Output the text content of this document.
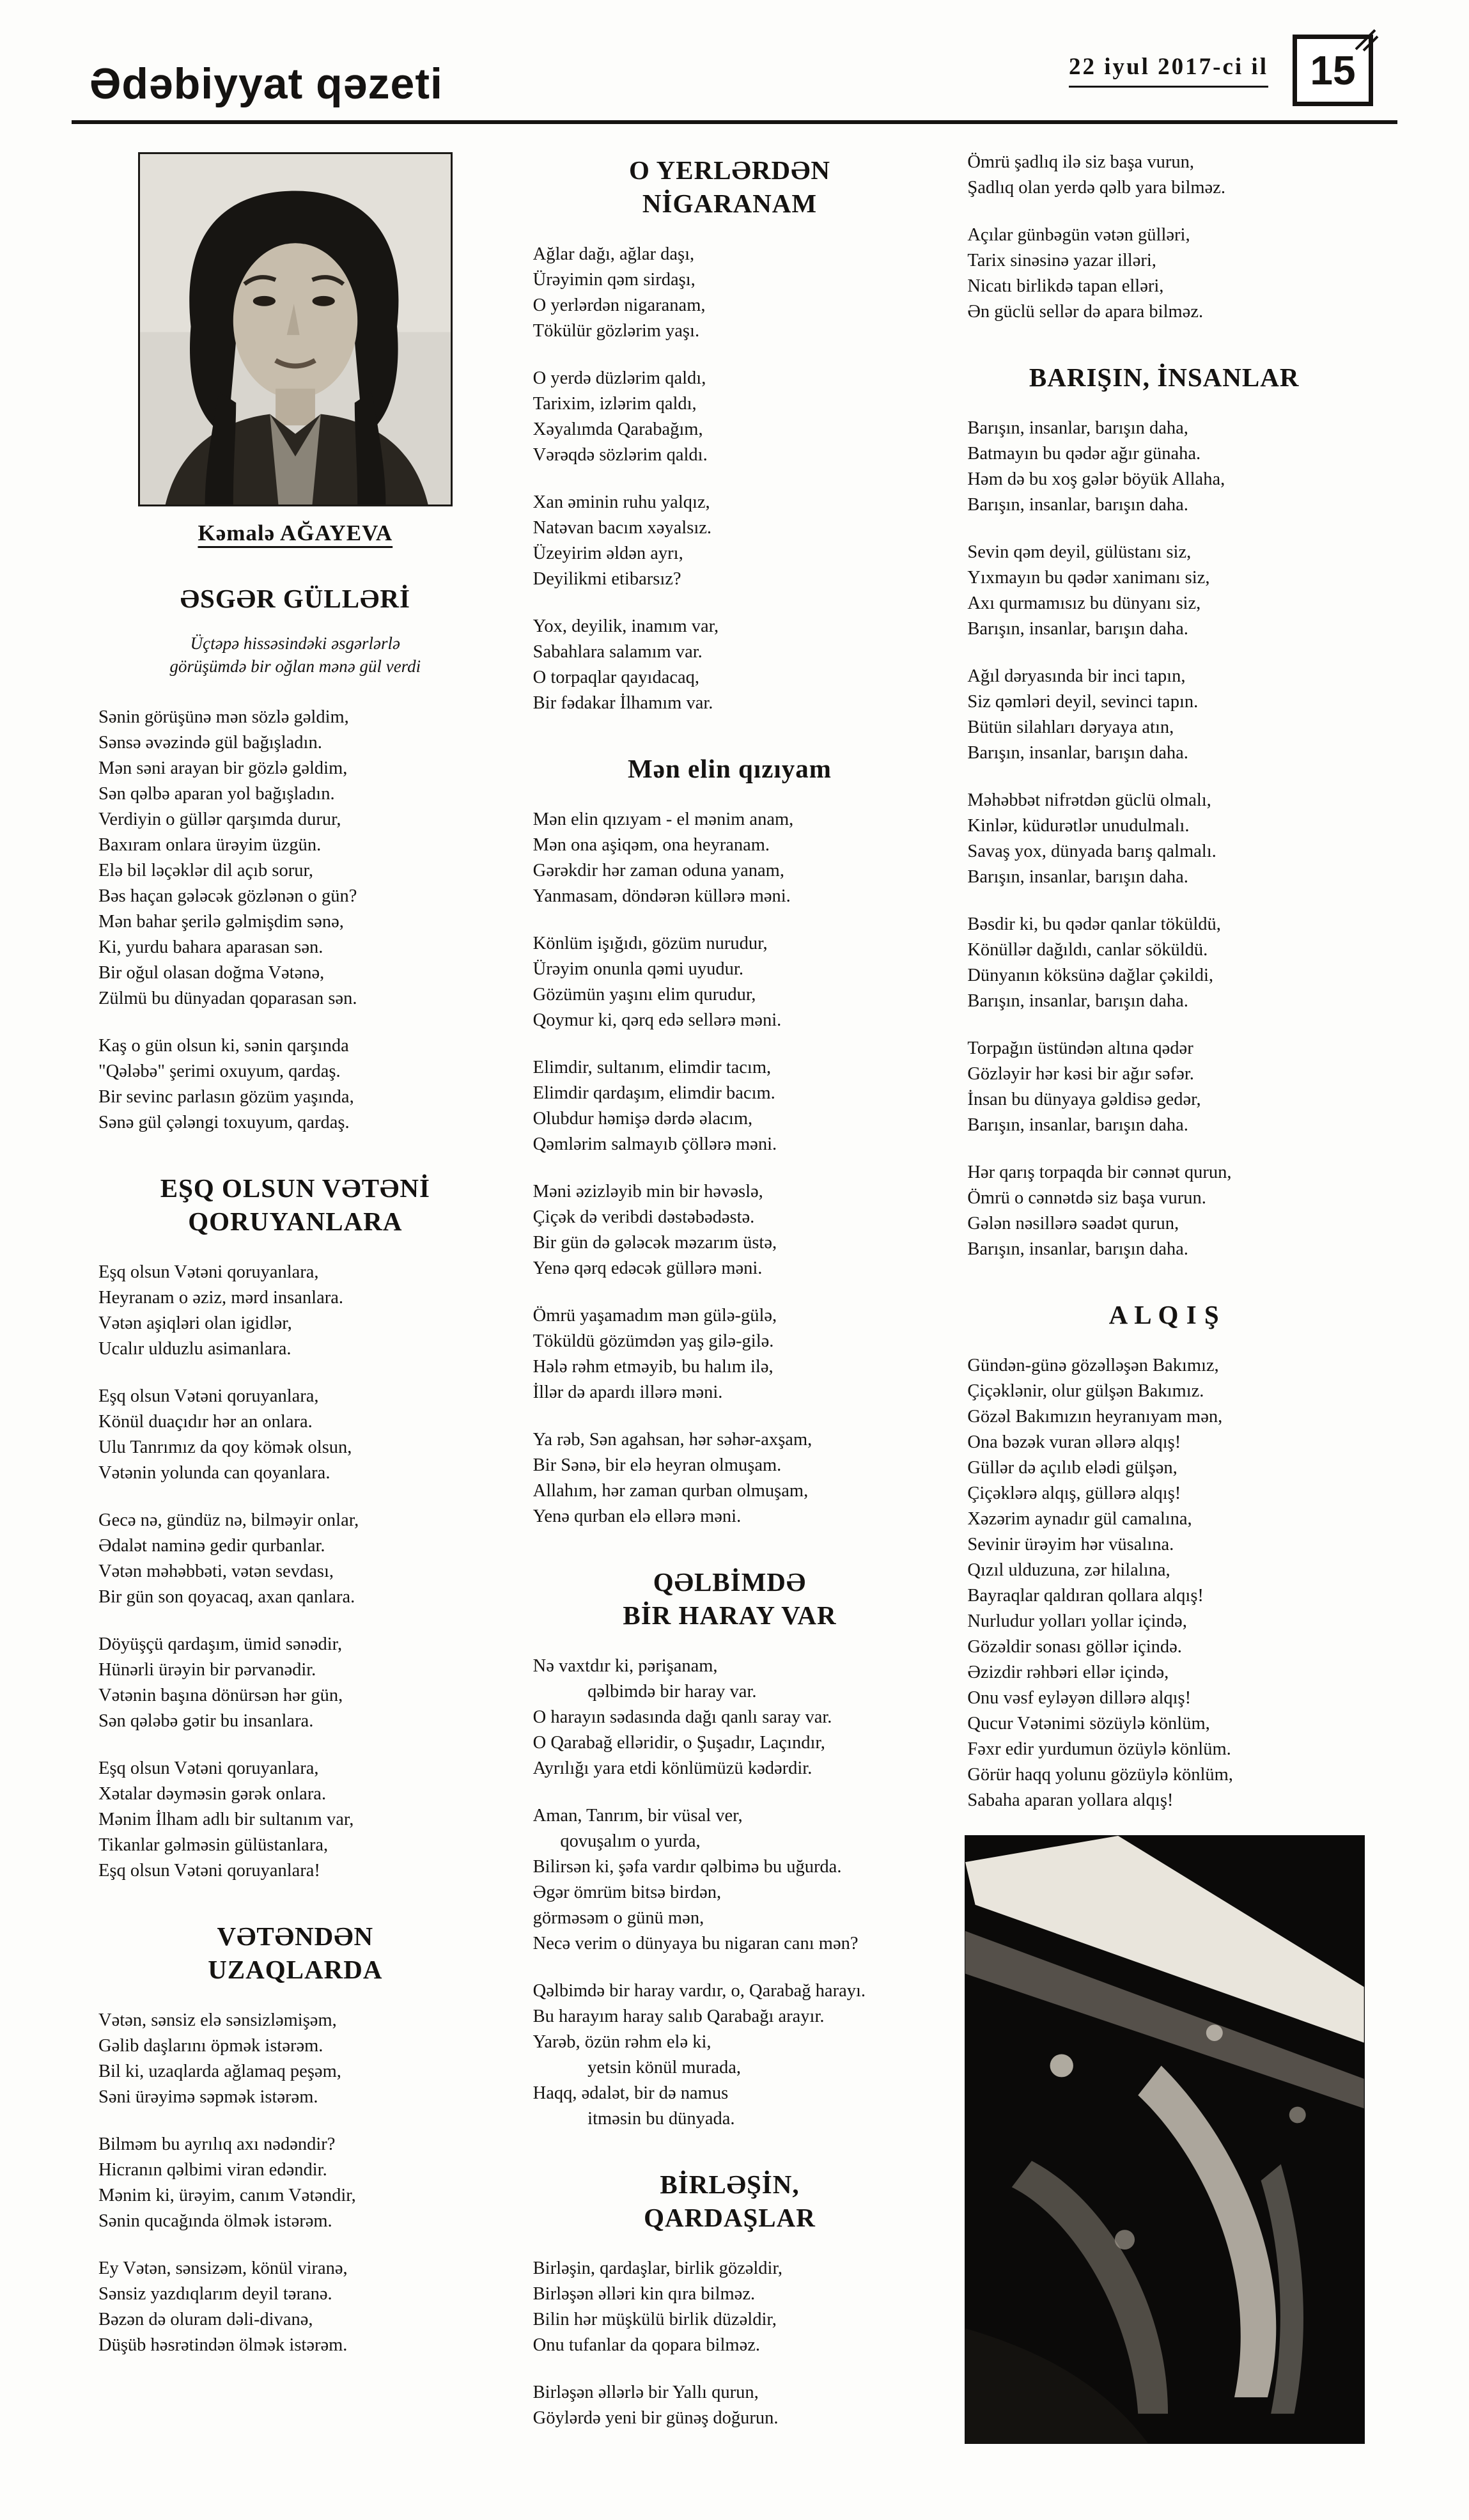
Ədəbiyyat qəzeti	22 iyul 2017-ci il 15
Kəmalə AĞAYEVA
ƏSGƏR GÜLLƏRİ
Üçtəpə hissəsindəki əsgərlərlə
görüşümdə bir oğlan mənə gül verdi
Sənin görüşünə mən sözlə gəldim,
Sənsə əvəzində gül bağışladın.
Mən səni arayan bir gözlə gəldim,
Sən qəlbə aparan yol bağışladın.
Verdiyin o güllər qarşımda durur,
Baxıram onlara ürəyim üzgün.
Elə bil ləçəklər dil açıb sorur,
Bəs haçan gələcək gözlənən o gün?
Mən bahar şerilə gəlmişdim sənə,
Ki, yurdu bahara aparasan sən.
Bir oğul olasan doğma Vətənə,
Zülmü bu dünyadan qoparasan sən.
Kaş o gün olsun ki, sənin qarşında
"Qələbə" şerimi oxuyum, qardaş.
Bir sevinc parlasın gözüm yaşında,
Sənə gül çələngi toxuyum, qardaş.
EŞQ OLSUN VƏTƏNİ
QORUYANLARA
Eşq olsun Vətəni qoruyanlara,
Heyranam o əziz, mərd insanlara.
Vətən aşiqləri olan igidlər,
Ucalır ulduzlu asimanlara.
Eşq olsun Vətəni qoruyanlara,
Könül duaçıdır hər an onlara.
Ulu Tanrımız da qoy kömək olsun,
Vətənin yolunda can qoyanlara.
Gecə nə, gündüz nə, bilməyir onlar,
Ədalət naminə gedir qurbanlar.
Vətən məhəbbəti, vətən sevdası,
Bir gün son qoyacaq, axan qanlara.
Döyüşçü qardaşım, ümid sənədir,
Hünərli ürəyin bir pərvanədir.
Vətənin başına dönürsən hər gün,
Sən qələbə gətir bu insanlara.
Eşq olsun Vətəni qoruyanlara,
Xətalar dəyməsin gərək onlara.
Mənim İlham adlı bir sultanım var,
Tikanlar gəlməsin gülüstanlara,
Eşq olsun Vətəni qoruyanlara!
VƏTƏNDƏN
UZAQLARDA
Vətən, sənsiz elə sənsizləmişəm,
Gəlib daşlarını öpmək istərəm.
Bil ki, uzaqlarda ağlamaq peşəm,
Səni ürəyimə səpmək istərəm.
Bilməm bu ayrılıq axı nədəndir?
Hicranın qəlbimi viran edəndir.
Mənim ki, ürəyim, canım Vətəndir,
Sənin qucağında ölmək istərəm.
Ey Vətən, sənsizəm, könül viranə,
Sənsiz yazdıqlarım deyil təranə.
Bəzən də oluram dəli-divanə,
Düşüb həsrətindən ölmək istərəm.
O YERLƏRDƏN
NİGARANAM
Ağlar dağı, ağlar daşı,
Ürəyimin qəm sirdaşı,
O yerlərdən nigaranam,
Tökülür gözlərim yaşı.
O yerdə düzlərim qaldı,
Tarixim, izlərim qaldı,
Xəyalımda Qarabağım,
Vərəqdə sözlərim qaldı.
Xan əminin ruhu yalqız,
Natəvan bacım xəyalsız.
Üzeyirim əldən ayrı,
Deyilikmi etibarsız?
Yox, deyilik, inamım var,
Sabahlara salamım var.
O torpaqlar qayıdacaq,
Bir fədakar İlhamım var.
Mən elin qızıyam
Mən elin qızıyam - el mənim anam,
Mən ona aşiqəm, ona heyranam.
Gərəkdir hər zaman oduna yanam,
Yanmasam, döndərən küllərə məni.
Könlüm işığıdı, gözüm nurudur,
Ürəyim onunla qəmi uyudur.
Gözümün yaşını elim qurudur,
Qoymur ki, qərq edə sellərə məni.
Elimdir, sultanım, elimdir tacım,
Elimdir qardaşım, elimdir bacım.
Olubdur həmişə dərdə əlacım,
Qəmlərim salmayıb çöllərə məni.
Məni əzizləyib min bir həvəslə,
Çiçək də veribdi dəstəbədəstə.
Bir gün də gələcək məzarım üstə,
Yenə qərq edəcək güllərə məni.
Ömrü yaşamadım mən gülə-gülə,
Töküldü gözümdən yaş gilə-gilə.
Hələ rəhm etməyib, bu halım ilə,
İllər də apardı illərə məni.
Ya rəb, Sən agahsan, hər səhər-axşam,
Bir Sənə, bir elə heyran olmuşam.
Allahım, hər zaman qurban olmuşam,
Yenə qurban elə ellərə məni.
QƏLBİMDƏ
BİR HARAY VAR
Nə vaxtdır ki, pərişanam,
qəlbimdə bir haray var.
O harayın sədasında dağı qanlı saray var.
O Qarabağ elləridir, o Şuşadır, Laçındır,
Ayrılığı yara etdi könlümüzü kədərdir.
Aman, Tanrım, bir vüsal ver,
qovuşalım o yurda,
Bilirsən ki, şəfa vardır qəlbimə bu uğurda.
Əgər ömrüm bitsə birdən,
görməsəm o günü mən,
Necə verim o dünyaya bu nigaran canı mən?
Qəlbimdə bir haray vardır, o, Qarabağ harayı.
Bu harayım haray salıb Qarabağı arayır.
Yarəb, özün rəhm elə ki,
yetsin könül murada,
Haqq, ədalət, bir də namus
itməsin bu dünyada.
BİRLƏŞİN,
QARDAŞLAR
Birləşin, qardaşlar, birlik gözəldir,
Birləşən əlləri kin qıra bilməz.
Bilin hər müşkülü birlik düzəldir,
Onu tufanlar da qopara bilməz.
Birləşən əllərlə bir Yallı qurun,
Göylərdə yeni bir günəş doğurun.
Ömrü şadlıq ilə siz başa vurun,
Şadlıq olan yerdə qəlb yara bilməz.
Açılar günbəgün vətən gülləri,
Tarix sinəsinə yazar illəri,
Nicatı birlikdə tapan elləri,
Ən güclü sellər də apara bilməz.
BARIŞIN, İNSANLAR
Barışın, insanlar, barışın daha,
Batmayın bu qədər ağır günaha.
Həm də bu xoş gələr böyük Allaha,
Barışın, insanlar, barışın daha.
Sevin qəm deyil, gülüstanı siz,
Yıxmayın bu qədər xanimanı siz,
Axı qurmamısız bu dünyanı siz,
Barışın, insanlar, barışın daha.
Ağıl dəryasında bir inci tapın,
Siz qəmləri deyil, sevinci tapın.
Bütün silahları dəryaya atın,
Barışın, insanlar, barışın daha.
Məhəbbət nifrətdən güclü olmalı,
Kinlər, küdurətlər unudulmalı.
Savaş yox, dünyada barış qalmalı.
Barışın, insanlar, barışın daha.
Bəsdir ki, bu qədər qanlar töküldü,
Könüllər dağıldı, canlar söküldü.
Dünyanın köksünə dağlar çəkildi,
Barışın, insanlar, barışın daha.
Torpağın üstündən altına qədər
Gözləyir hər kəsi bir ağır səfər.
İnsan bu dünyaya gəldisə gedər,
Barışın, insanlar, barışın daha.
Hər qarış torpaqda bir cənnət qurun,
Ömrü o cənnətdə siz başa vurun.
Gələn nəsillərə səadət qurun,
Barışın, insanlar, barışın daha.
A L Q I Ş
Gündən-günə gözəlləşən Bakımız,
Çiçəklənir, olur gülşən Bakımız.
Gözəl Bakımızın heyranıyam mən,
Ona bəzək vuran əllərə alqış!
Güllər də açılıb elədi gülşən,
Çiçəklərə alqış, güllərə alqış!
Xəzərim aynadır gül camalına,
Sevinir ürəyim hər vüsalına.
Qızıl ulduzuna, zər hilalına,
Bayraqlar qaldıran qollara alqış!
Nurludur yolları yollar içində,
Gözəldir sonası göllər içində.
Əzizdir rəhbəri ellər içində,
Onu vəsf eyləyən dillərə alqış!
Qucur Vətənimi sözüylə könlüm,
Fəxr edir yurdumun özüylə könlüm.
Görür haqq yolunu gözüylə könlüm,
Sabaha aparan yollara alqış!
